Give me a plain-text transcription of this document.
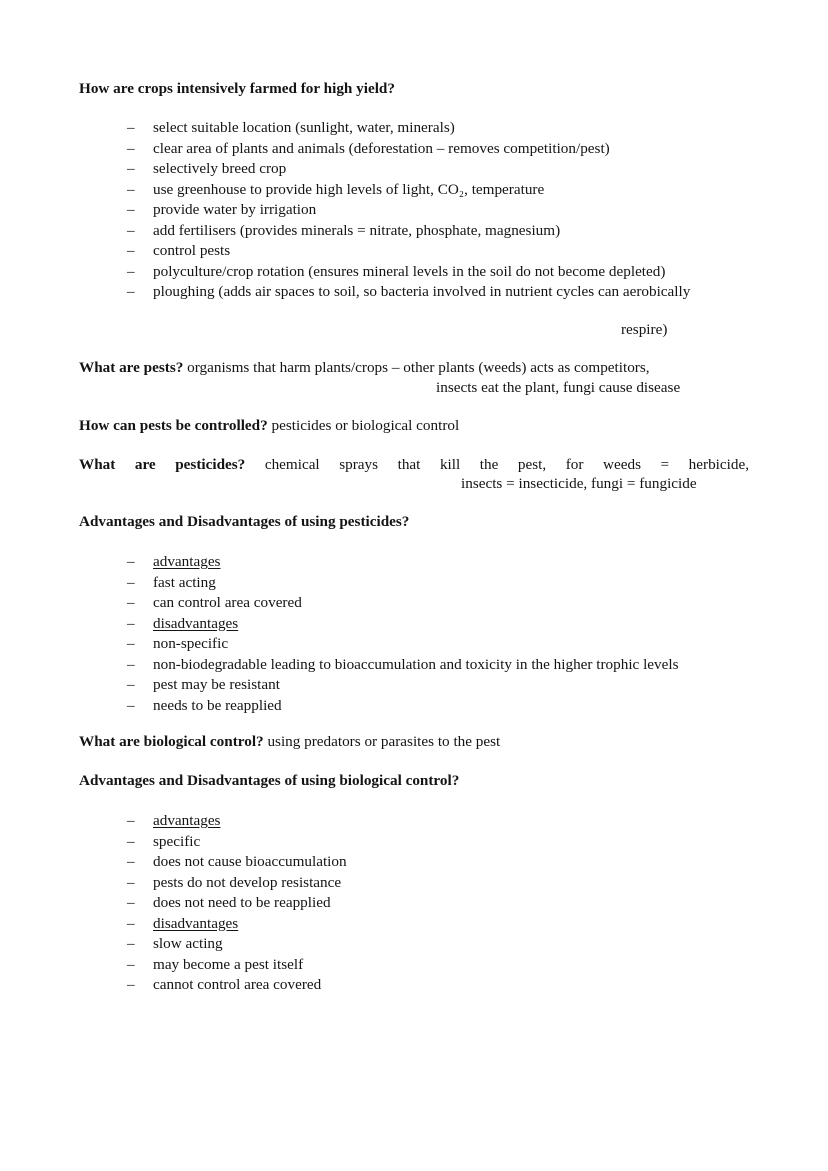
How are crops intensively farmed for high yield?
–	select suitable location (sunlight, water, minerals)
–	clear area of plants and animals (deforestation – removes competition/pest)
–	selectively breed crop
–	use greenhouse to provide high levels of light, CO₂, temperature
–	provide water by irrigation
–	add fertilisers (provides minerals = nitrate, phosphate, magnesium)
–	control pests
–	polyculture/crop rotation (ensures mineral levels in the soil do not become depleted)
–	ploughing (adds air spaces to soil, so bacteria involved in nutrient cycles can aerobically
respire)
What are pests? organisms that harm plants/crops – other plants (weeds) acts as competitors,
insects eat the plant, fungi cause disease
How can pests be controlled? pesticides or biological control
What are pesticides? chemical sprays that kill the pest, for weeds = herbicide,
insects = insecticide, fungi = fungicide
Advantages and Disadvantages of using pesticides?
–	advantages
–	fast acting
–	can control area covered
–	disadvantages
–	non-specific
–	non-biodegradable leading to bioaccumulation and toxicity in the higher trophic levels
–	pest may be resistant
–	needs to be reapplied
What are biological control? using predators or parasites to the pest
Advantages and Disadvantages of using biological control?
–	advantages
–	specific
–	does not cause bioaccumulation
–	pests do not develop resistance
–	does not need to be reapplied
–	disadvantages
–	slow acting
–	may become a pest itself
–	cannot control area covered
